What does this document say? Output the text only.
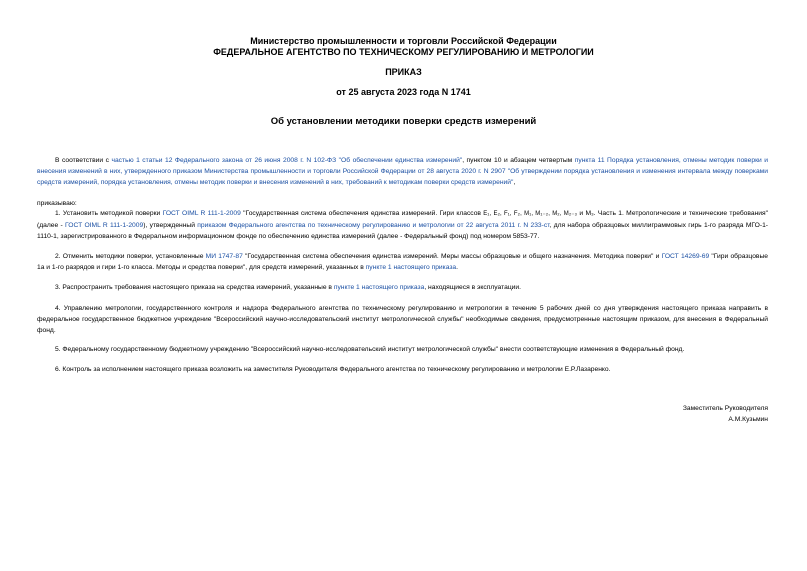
Министерство промышленности и торговли Российской Федерации
ФЕДЕРАЛЬНОЕ АГЕНТСТВО ПО ТЕХНИЧЕСКОМУ РЕГУЛИРОВАНИЮ И МЕТРОЛОГИИ
ПРИКАЗ
от 25 августа 2023 года N 1741
Об установлении методики поверки средств измерений
В соответствии с частью 1 статьи 12 Федерального закона от 26 июня 2008 г. N 102-ФЗ "Об обеспечении единства измерений", пунктом 10 и абзацем четвертым пункта 11 Порядка установления, отмены методик поверки и внесения изменений в них, утвержденного приказом Министерства промышленности и торговли Российской Федерации от 28 августа 2020 г. N 2907 "Об утверждении порядка установления и изменения интервала между поверками средств измерений, порядка установления, отмены методик поверки и внесения изменений в них, требований к методикам поверки средств измерений",
приказываю:
1. Установить методикой поверки ГОСТ OIML R 111-1-2009 "Государственная система обеспечения единства измерений. Гири классов E₁, E₂, F₁, F₂, M₁, M₁₋₂, M₂, M₂₋₃ и M₃. Часть 1. Метрологические и технические требования" (далее - ГОСТ OIML R 111-1-2009), утвержденный приказом Федерального агентства по техническому регулированию и метрологии от 22 августа 2011 г. N 233-ст, для набора образцовых миллиграммовых гирь 1-го разряда МГО-1-1110-1, зарегистрированного в Федеральном информационном фонде по обеспечению единства измерений (далее - Федеральный фонд) под номером 5853-77.
2. Отменить методики поверки, установленные МИ 1747-87 "Государственная система обеспечения единства измерений. Меры массы образцовые и общего назначения. Методика поверки" и ГОСТ 14269-69 "Гири образцовые 1а и 1-го разрядов и гири 1-го класса. Методы и средства поверки", для средств измерений, указанных в пункте 1 настоящего приказа.
3. Распространить требования настоящего приказа на средства измерений, указанные в пункте 1 настоящего приказа, находящиеся в эксплуатации.
4. Управлению метрологии, государственного контроля и надзора Федерального агентства по техническому регулированию и метрологии в течение 5 рабочих дней со дня утверждения настоящего приказа направить в федеральное государственное бюджетное учреждение "Всероссийский научно-исследовательский институт метрологической службы" необходимые сведения, предусмотренные настоящим приказом, для внесения в Федеральный фонд.
5. Федеральному государственному бюджетному учреждению "Всероссийский научно-исследовательский институт метрологической службы" внести соответствующие изменения в Федеральный фонд.
6. Контроль за исполнением настоящего приказа возложить на заместителя Руководителя Федерального агентства по техническому регулированию и метрологии Е.Р.Лазаренко.
Заместитель Руководителя
А.М.Кузьмин
